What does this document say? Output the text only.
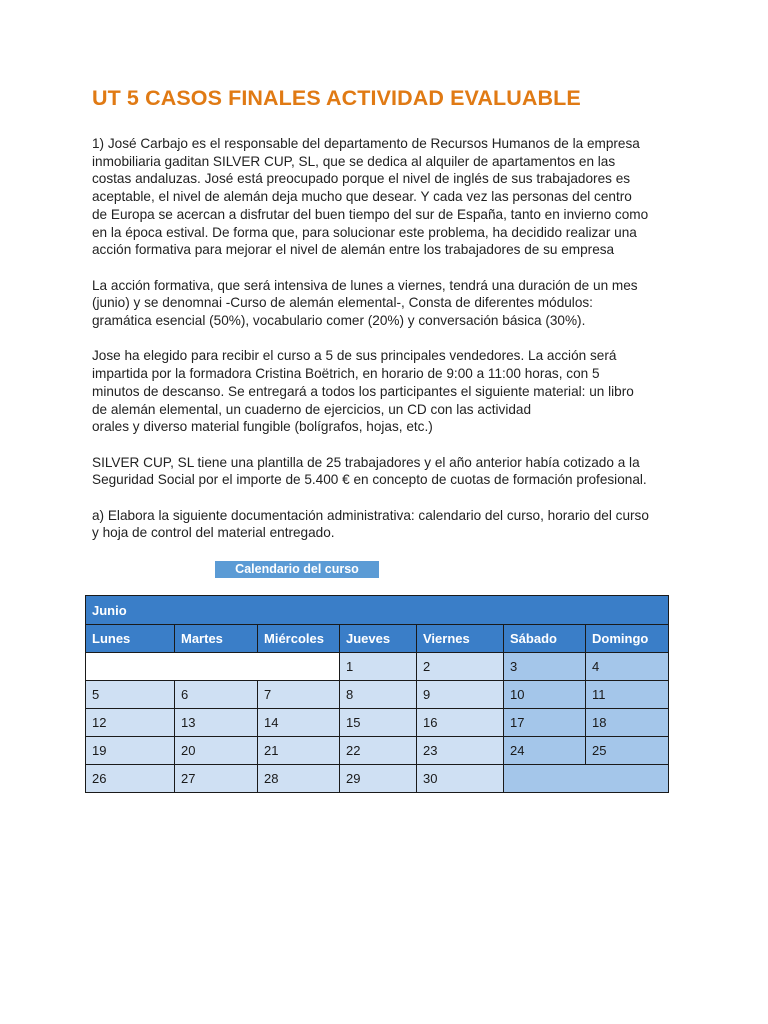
UT 5 CASOS FINALES ACTIVIDAD EVALUABLE

1) José Carbajo es el responsable del departamento de Recursos Humanos de la empresa
inmobiliaria gaditan SILVER CUP, SL, que se dedica al alquiler de apartamentos en las
costas andaluzas. José está preocupado porque el nivel de inglés de sus trabajadores es
aceptable, el nivel de alemán deja mucho que desear. Y cada vez las personas del centro
de Europa se acercan a disfrutar del buen tiempo del sur de España, tanto en invierno como
en la época estival. De forma que, para solucionar este problema, ha decidido realizar una
acción formativa para mejorar el nivel de alemán entre los trabajadores de su empresa

La acción formativa, que será intensiva de lunes a viernes, tendrá una duración de un mes
(junio) y se denomnai -Curso de alemán elemental-, Consta de diferentes módulos:
gramática esencial (50%), vocabulario comer (20%) y conversación básica (30%).

Jose ha elegido para recibir el curso a 5 de sus principales vendedores. La acción será
impartida por la formadora Cristina Boëtrich, en horario de 9:00 a 11:00 horas, con 5
minutos de descanso. Se entregará a todos los participantes el siguiente material: un libro
de alemán elemental, un cuaderno de ejercicios, un CD con las actividad
orales y diverso material fungible (bolígrafos, hojas, etc.)

SILVER CUP, SL tiene una plantilla de 25 trabajadores y el año anterior había cotizado a la
Seguridad Social por el importe de 5.400 € en concepto de cuotas de formación profesional.

a) Elabora la siguiente documentación administrativa: calendario del curso, horario del curso
y hoja de control del material entregado.

Calendario del curso
Junio						
Lunes	Martes	Miércoles	Jueves	Viernes	Sábado	Domingo
			1	2	3	4
5	6	7	8	9	10	11
12	13	14	15	16	17	18
19	20	21	22	23	24	25
26	27	28	29	30		
